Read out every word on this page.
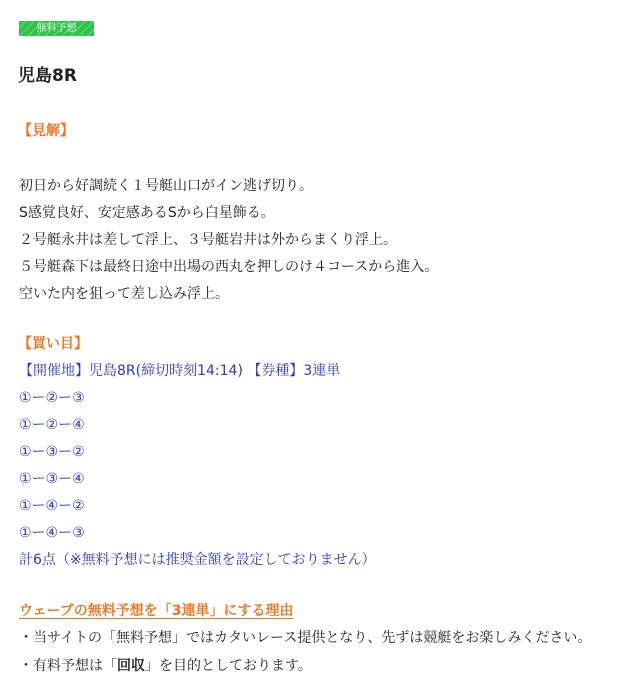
無料予想
児島8R
【見解】
初日から好調続く１号艇山口がイン逃げ切り。
S感覚良好、安定感あるSから白星飾る。
２号艇永井は差して浮上、３号艇岩井は外からまくり浮上。
５号艇森下は最終日途中出場の西丸を押しのけ４コースから進入。
空いた内を狙って差し込み浮上。
【買い目】
【開催地】児島8R(締切時刻14:14) 【券種】3連単
①ー②ー③
①ー②ー④
①ー③ー②
①ー③ー④
①ー④ー②
①ー④ー③
計6点（※無料予想には推奨金額を設定しておりません）
ウェーブの無料予想を「3連単」にする理由
・当サイトの「無料予想」ではカタいレース提供となり、先ずは競艇をお楽しみください。
・有料予想は「回収」を目的としております。
